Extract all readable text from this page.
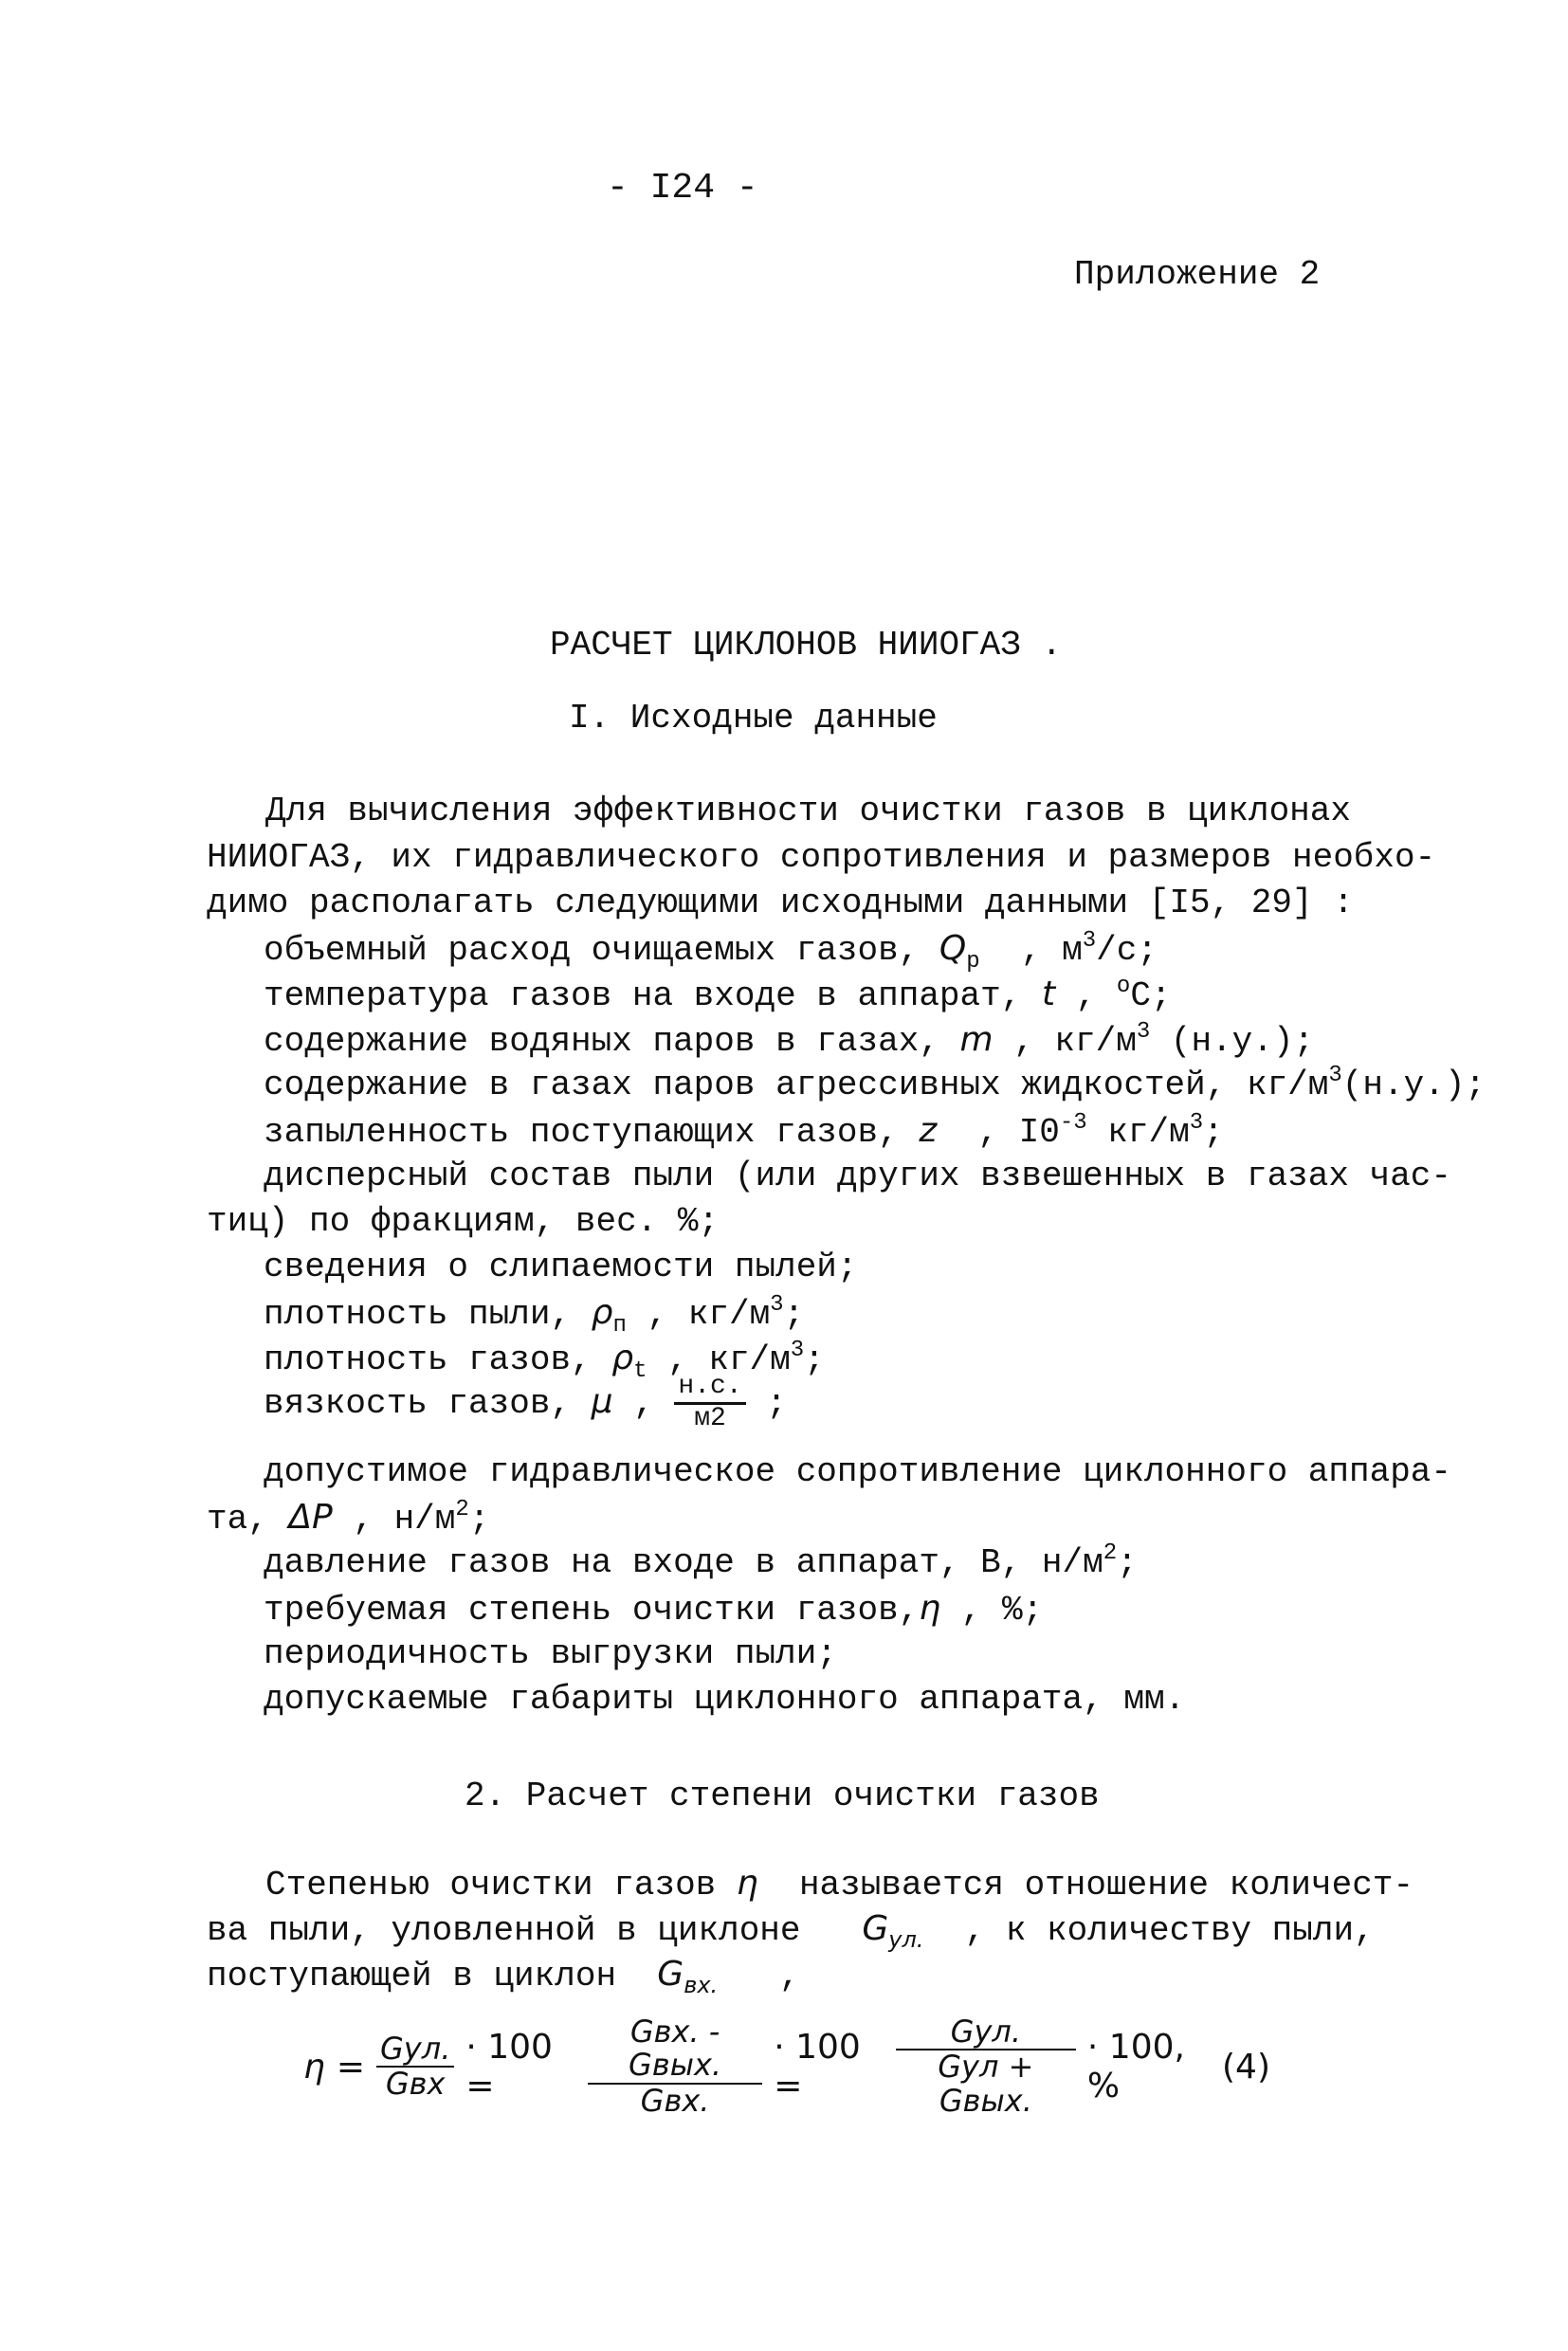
- I24 -
Приложение 2
РАСЧЕТ ЦИКЛОНОВ НИИОГАЗ .
I. Исходные данные
Для вычисления эффективности очистки газов в циклонах
НИИОГАЗ, их гидравлического сопротивления и размеров необхо-
димо располагать следующими исходными данными [I5, 29] :
объемный расход очищаемых газов, $Q_р$ , $м^3/с$;
температура газов на входе в аппарат, t , $^о$С;
содержание водяных паров в газах, m , $кг/м^3$ (н.у.);
содержание в газах паров агрессивных жидкостей, $кг/м^3(н.у.)$;
запыленность поступающих газов, z , $I0^{-3}$ $кг/м^3$;
дисперсный состав пыли (или других взвешенных в газах час-
тиц) по фракциям, вес. %;
сведения о слипаемости пылей;
плотность пыли, $\rho_п$ , $кг/м^3$;
плотность газов, $\rho_t$ , $кг/м^3$;
вязкость газов, μ , $\frac{н.с.}{м2}$ ;
допустимое гидравлическое сопротивление циклонного аппара-
та, ΔP , $н/м^2$;
давление газов на входе в аппарат, В, $н/м^2$;
требуемая степень очистки газов,η , %;
периодичность выгрузки пыли;
допускаемые габариты циклонного аппарата, мм.
2. Расчет степени очистки газов
Степенью очистки газов η называется отношение количест-
ва пыли, уловленной в циклоне $G_{ул.}$ , к количеству пыли,
поступающей в циклон $G_{вх.}$ ,
$\eta = \frac{\text{Gул.}}{\text{Gвх}} \cdot 100$ =	$\frac{\text{Gвх. - Gвых.}}{\text{Gвх.}} \cdot 100$ =	$\frac{\text{Gул.}}{\text{Gул + Gвых.}} \cdot 100$, %	(4)
